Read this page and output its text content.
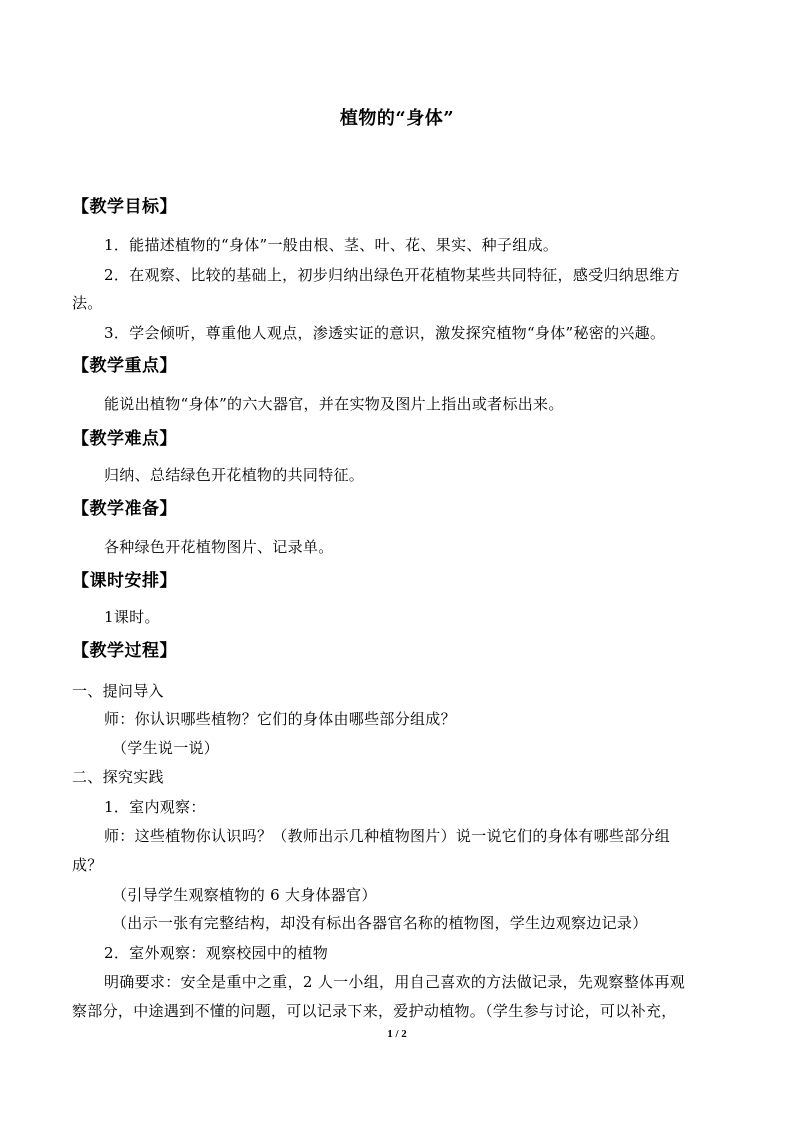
植物的“身体”
【教学目标】
1．能描述植物的“身体”一般由根、茎、叶、花、果实、种子组成。
2．在观察、比较的基础上，初步归纳出绿色开花植物某些共同特征，感受归纳思维方
法。
3．学会倾听，尊重他人观点，渗透实证的意识，激发探究植物“身体”秘密的兴趣。
【教学重点】
能说出植物“身体”的六大器官，并在实物及图片上指出或者标出来。
【教学难点】
归纳、总结绿色开花植物的共同特征。
【教学准备】
各种绿色开花植物图片、记录单。
【课时安排】
1课时。
【教学过程】
一、提问导入
师：你认识哪些植物？它们的身体由哪些部分组成？
（学生说一说）
二、探究实践
1．室内观察：
师：这些植物你认识吗？（教师出示几种植物图片）说一说它们的身体有哪些部分组
成？
（引导学生观察植物的 6 大身体器官）
（出示一张有完整结构，却没有标出各器官名称的植物图，学生边观察边记录）
2．室外观察：观察校园中的植物
明确要求：安全是重中之重，2 人一小组，用自己喜欢的方法做记录，先观察整体再观
察部分，中途遇到不懂的问题，可以记录下来，爱护动植物。（学生参与讨论，可以补充，
1 / 2
